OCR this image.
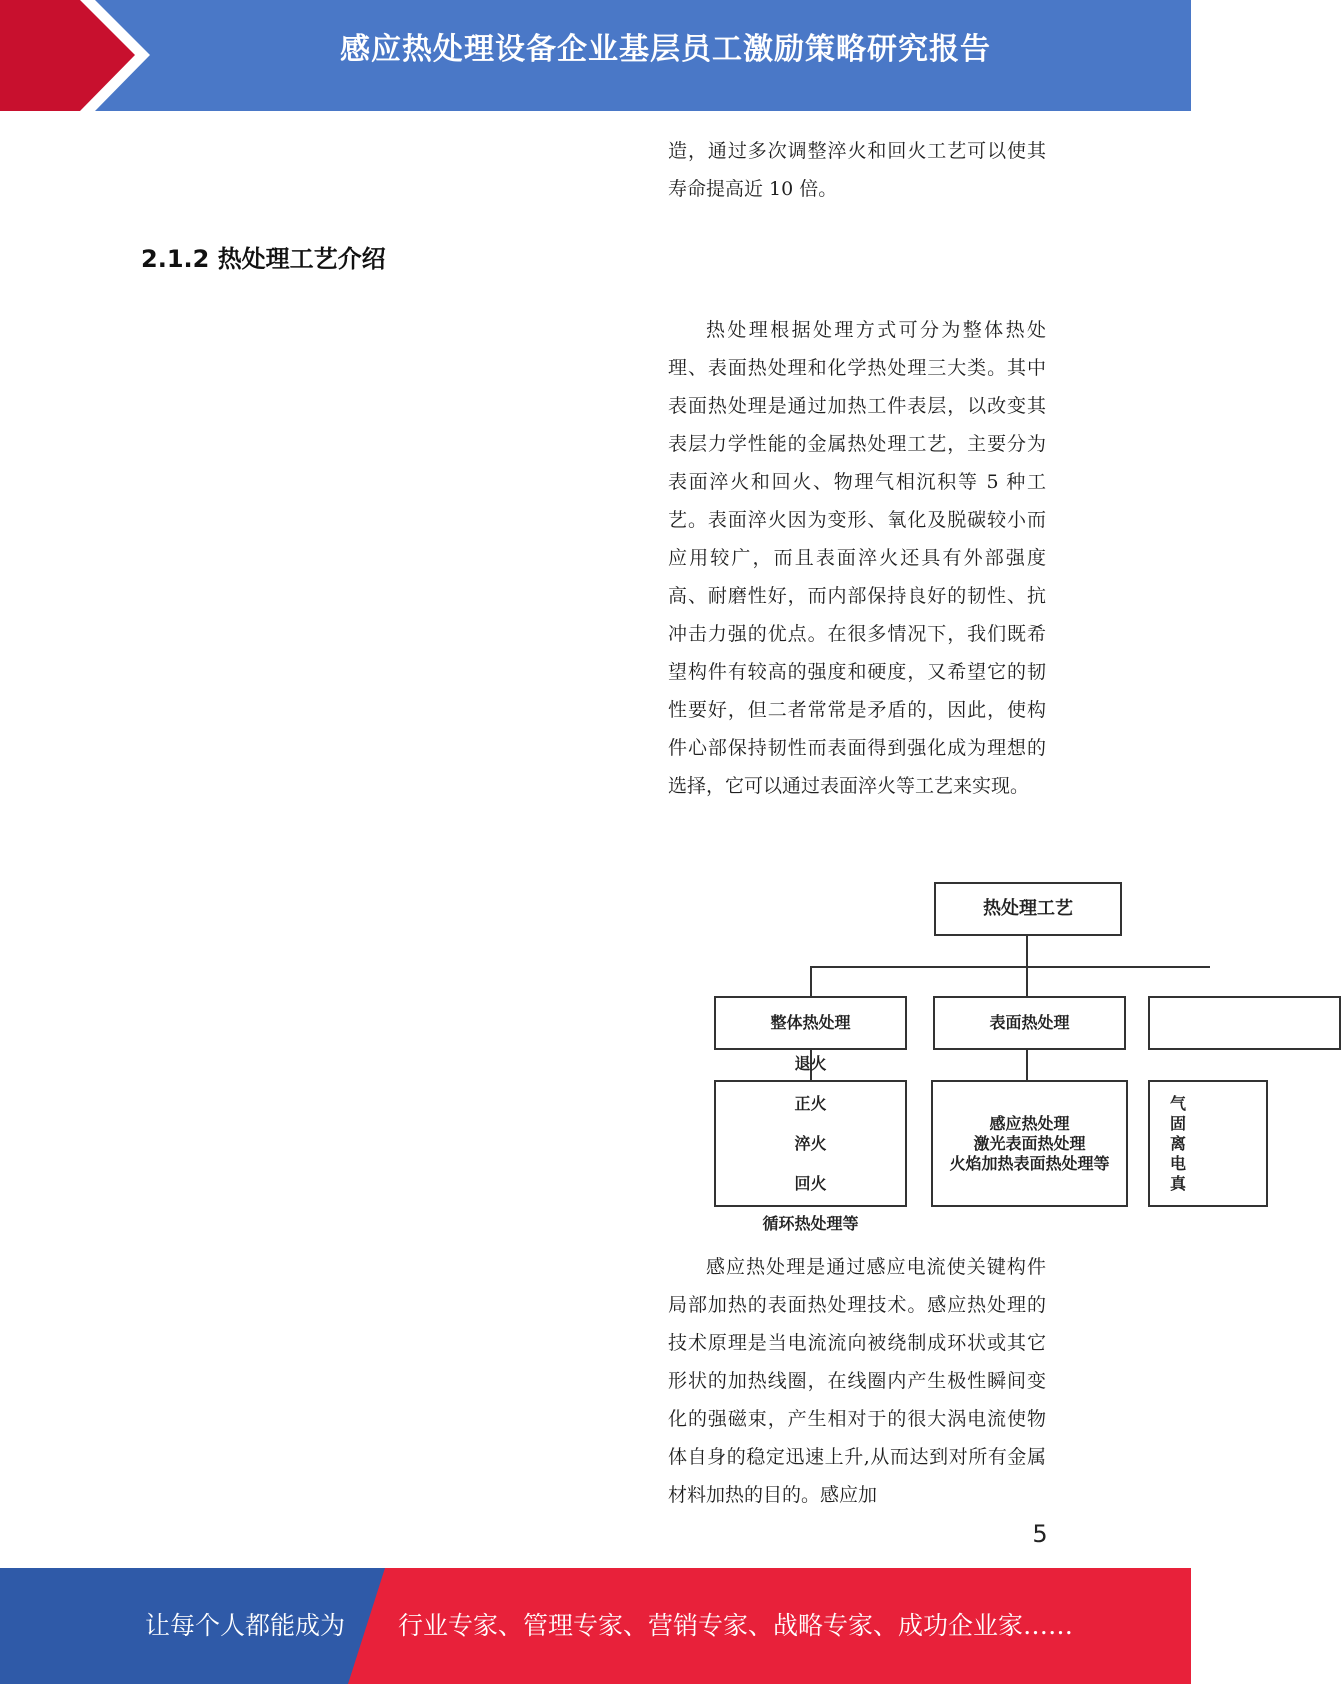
感应热处理设备企业基层员工激励策略研究报告

造，通过多次调整淬火和回火工艺可以使其寿命提高近 10 倍。

2.1.2 热处理工艺介绍

热处理根据处理方式可分为整体热处理、表面热处理和化学热处理三大类。其中表面热处理是通过加热工件表层，以改变其表层力学性能的金属热处理工艺，主要分为表面淬火和回火、物理气相沉积等 5 种工艺。表面淬火因为变形、氧化及脱碳较小而应用较广，而且表面淬火还具有外部强度高、耐磨性好，而内部保持良好的韧性、抗冲击力强的优点。在很多情况下，我们既希望构件有较高的强度和硬度，又希望它的韧性要好，但二者常常是矛盾的，因此，使构件心部保持韧性而表面得到强化成为理想的选择，它可以通过表面淬火等工艺来实现。

热处理工艺
整体热处理	表面热处理

退火

正火

淬火

回火

循环热处理等

感应热处理
激光表面热处理
火焰加热表面热处理等
气
固
离
电
真

感应热处理是通过感应电流使关键构件局部加热的表面热处理技术。感应热处理的技术原理是当电流流向被绕制成环状或其它形状的加热线圈，在线圈内产生极性瞬间变化的强磁束，产生相对于的很大涡电流使物体自身的稳定迅速上升,从而达到对所有金属材料加热的目的。感应加

5
让每个人都能成为	行业专家、管理专家、营销专家、战略专家、成功企业家……
